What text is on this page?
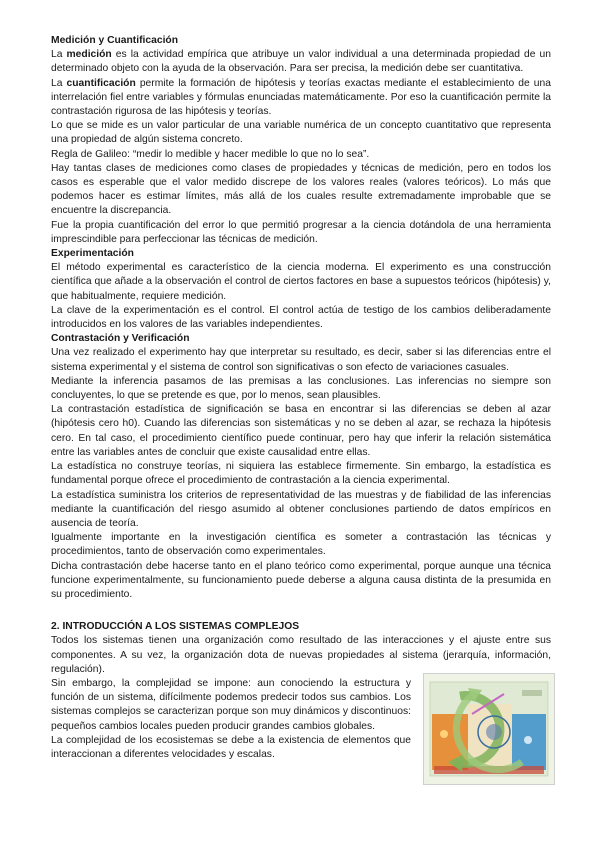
Medición y Cuantificación

La medición es la actividad empírica que atribuye un valor individual a una determinada propiedad de un determinado objeto con la ayuda de la observación. Para ser precisa, la medición debe ser cuantitativa.

La cuantificación permite la formación de hipótesis y teorías exactas mediante el establecimiento de una interrelación fiel entre variables y fórmulas enunciadas matemáticamente. Por eso la cuantificación permite la contrastación rigurosa de las hipótesis y teorías.

Lo que se mide es un valor particular de una variable numérica de un concepto cuantitativo que representa una propiedad de algún sistema concreto.

Regla de Galileo: “medir lo medible y hacer medible lo que no lo sea”.

Hay tantas clases de mediciones como clases de propiedades y técnicas de medición, pero en todos los casos es esperable que el valor medido discrepe de los valores reales (valores teóricos). Lo más que podemos hacer es estimar límites, más allá de los cuales resulte extremadamente improbable que se encuentre la discrepancia.

Fue la propia cuantificación del error lo que permitió progresar a la ciencia dotándola de una herramienta imprescindible para perfeccionar las técnicas de medición.

Experimentación

El método experimental es característico de la ciencia moderna. El experimento es una construcción científica que añade a la observación el control de ciertos factores en base a supuestos teóricos (hipótesis) y, que habitualmente, requiere medición.

La clave de la experimentación es el control. El control actúa de testigo de los cambios deliberadamente introducidos en los valores de las variables independientes.

Contrastación y Verificación

Una vez realizado el experimento hay que interpretar su resultado, es decir, saber si las diferencias entre el sistema experimental y el sistema de control son significativas o son efecto de variaciones casuales.

Mediante la inferencia pasamos de las premisas a las conclusiones. Las inferencias no siempre son concluyentes, lo que se pretende es que, por lo menos, sean plausibles.

La contrastación estadística de significación se basa en encontrar si las diferencias se deben al azar (hipótesis cero h0). Cuando las diferencias son sistemáticas y no se deben al azar, se rechaza la hipótesis cero. En tal caso, el procedimiento científico puede continuar, pero hay que inferir la relación sistemática entre las variables antes de concluir que existe causalidad entre ellas.

La estadística no construye teorías, ni siquiera las establece firmemente. Sin embargo, la estadística es fundamental porque ofrece el procedimiento de contrastación a la ciencia experimental.

La estadística suministra los criterios de representatividad de las muestras y de fiabilidad de las inferencias mediante la cuantificación del riesgo asumido al obtener conclusiones partiendo de datos empíricos en ausencia de teoría.

Igualmente importante en la investigación científica es someter a contrastación las técnicas y procedimientos, tanto de observación como experimentales.

Dicha contrastación debe hacerse tanto en el plano teórico como experimental, porque aunque una técnica funcione experimentalmente, su funcionamiento puede deberse a alguna causa distinta de la presumida en su procedimiento.

2. INTRODUCCIÓN A LOS SISTEMAS COMPLEJOS

Todos los sistemas tienen una organización como resultado de las interacciones y el ajuste entre sus componentes. A su vez, la organización dota de nuevas propiedades al sistema (jerarquía, información, regulación).

Sin embargo, la complejidad se impone: aun conociendo la estructura y función de un sistema, difícilmente podemos predecir todos sus cambios. Los sistemas complejos se caracterizan porque son muy dinámicos y discontinuos: pequeños cambios locales pueden producir grandes cambios globales.

La complejidad de los ecosistemas se debe a la existencia de elementos que interaccionan a diferentes velocidades y escalas.
